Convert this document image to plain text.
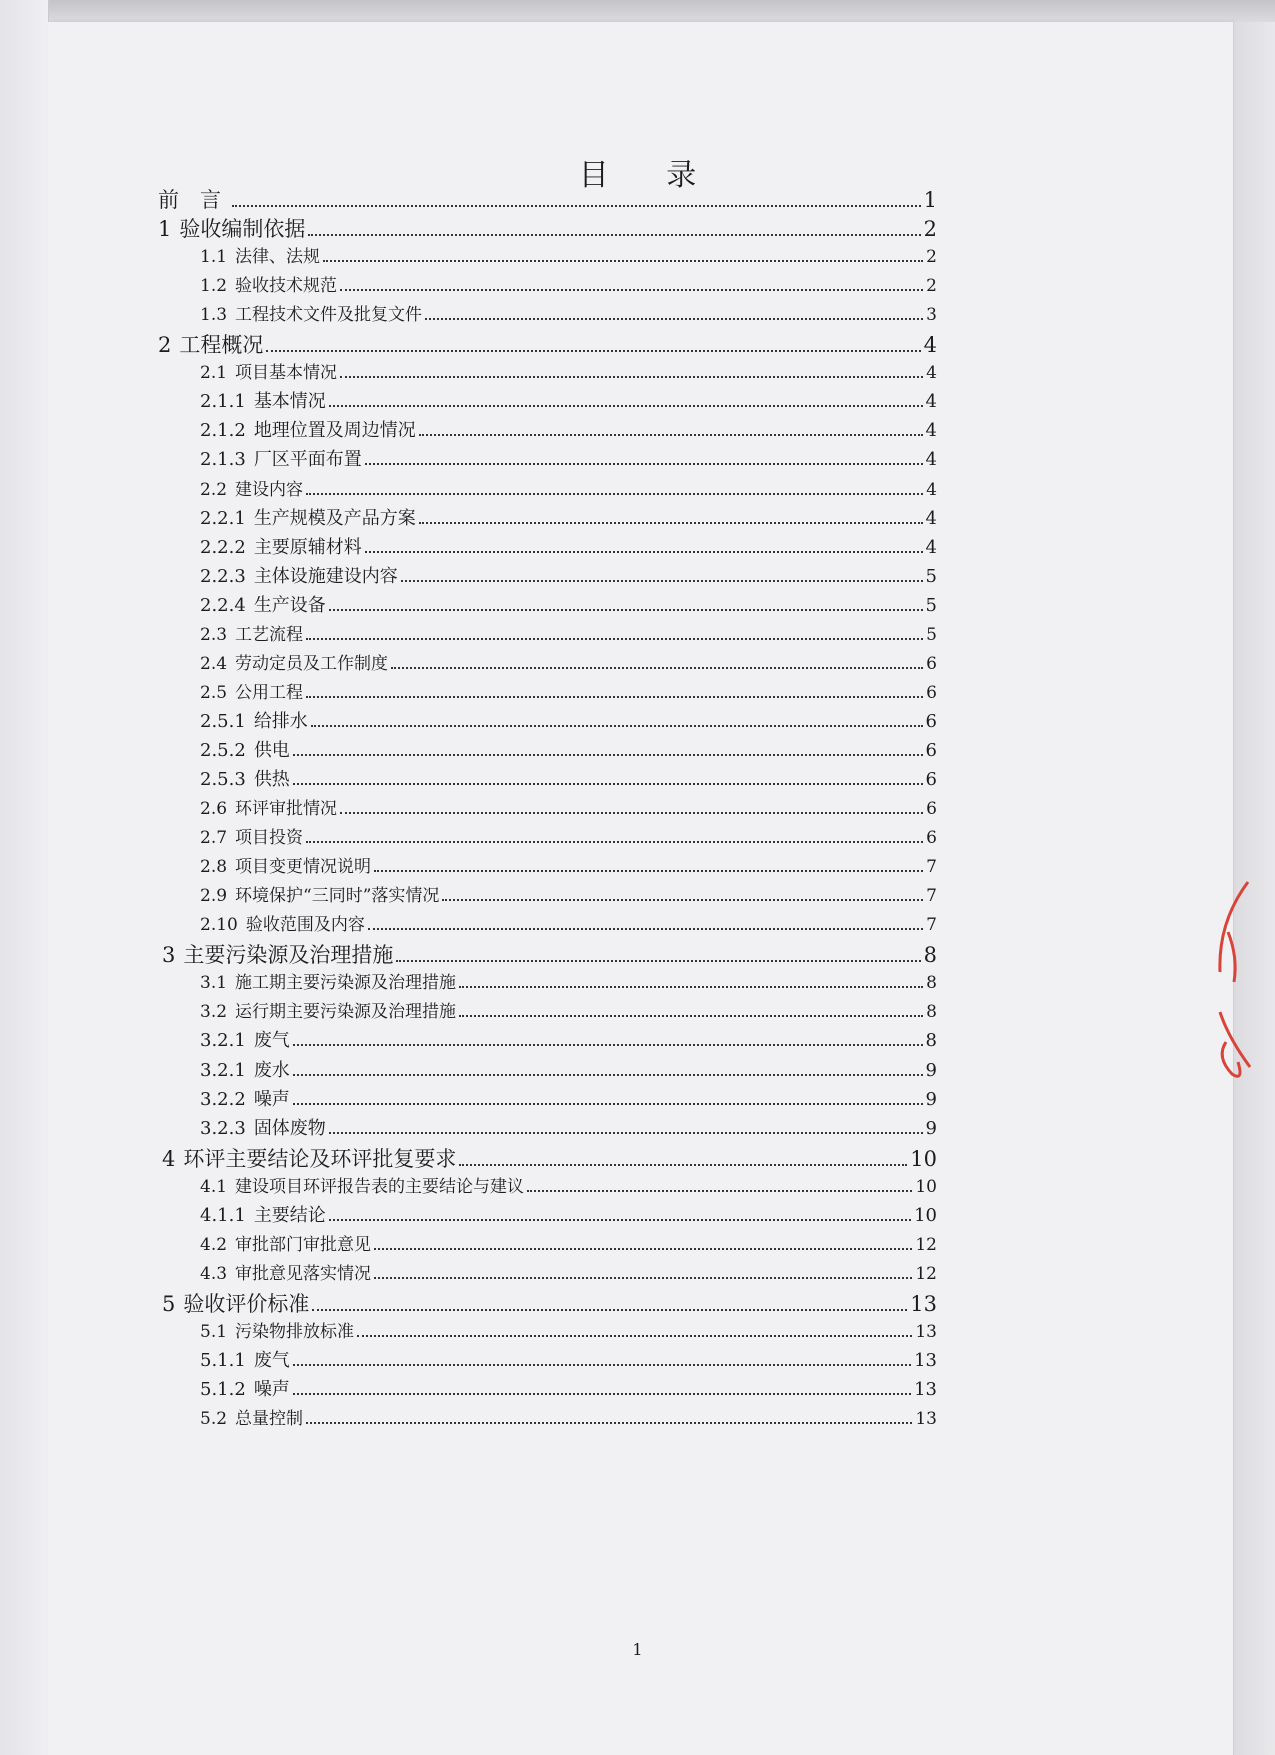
目 录
前　言	1
1 验收编制依据	2
1.1 法律、法规	2
1.2 验收技术规范	2
1.3 工程技术文件及批复文件	3
2 工程概况	4
2.1 项目基本情况	4
2.1.1 基本情况	4
2.1.2 地理位置及周边情况	4
2.1.3 厂区平面布置	4
2.2 建设内容	4
2.2.1 生产规模及产品方案	4
2.2.2 主要原辅材料	4
2.2.3 主体设施建设内容	5
2.2.4 生产设备	5
2.3 工艺流程	5
2.4 劳动定员及工作制度	6
2.5 公用工程	6
2.5.1 给排水	6
2.5.2 供电	6
2.5.3 供热	6
2.6 环评审批情况	6
2.7 项目投资	6
2.8 项目变更情况说明	7
2.9 环境保护“三同时”落实情况	7
2.10 验收范围及内容	7
3 主要污染源及治理措施	8
3.1 施工期主要污染源及治理措施	8
3.2 运行期主要污染源及治理措施	8
3.2.1 废气	8
3.2.1 废水	9
3.2.2 噪声	9
3.2.3 固体废物	9
4 环评主要结论及环评批复要求	10
4.1 建设项目环评报告表的主要结论与建议	10
4.1.1 主要结论	10
4.2 审批部门审批意见	12
4.3 审批意见落实情况	12
5 验收评价标准	13
5.1 污染物排放标准	13
5.1.1 废气	13
5.1.2 噪声	13
5.2 总量控制	13
1
